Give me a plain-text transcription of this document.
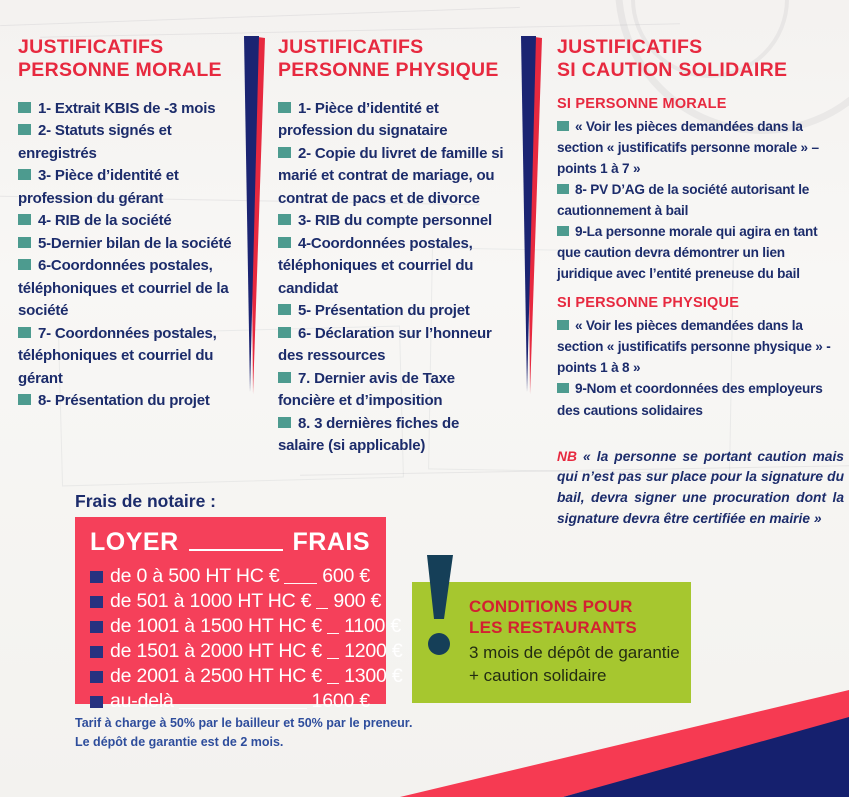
JUSTIFICATIFS
PERSONNE MORALE
1- Extrait KBIS de -3 mois
2- Statuts signés et enregistrés
3- Pièce d’identité et profession du gérant
4- RIB de la société
5-Dernier bilan de la société
6-Coordonnées postales, téléphoniques et courriel de la société
7- Coordonnées postales, téléphoniques et courriel du gérant
8- Présentation du projet
JUSTIFICATIFS
PERSONNE PHYSIQUE
1- Pièce d’identité et profession du signataire
2- Copie du livret de famille si marié et contrat de mariage, ou contrat de pacs et de divorce
3- RIB du compte personnel
4-Coordonnées postales, téléphoniques et courriel du candidat
5- Présentation du projet
6- Déclaration sur l’honneur des ressources
7. Dernier avis de Taxe foncière et d’imposition
8. 3 dernières fiches de salaire (si applicable)
JUSTIFICATIFS
SI CAUTION SOLIDAIRE
SI PERSONNE MORALE
« Voir les pièces demandées dans la section « justificatifs personne morale » – points 1 à 7 »
8- PV D’AG de la société autorisant le cautionnement à bail
9-La personne morale qui agira en tant que caution devra démontrer un lien juridique avec l’entité preneuse du bail
SI PERSONNE PHYSIQUE
« Voir les pièces demandées dans la section « justificatifs personne physique » - points 1 à 8 »
9-Nom et coordonnées des employeurs des cautions solidaires
NB « la personne se portant caution mais qui n’est pas sur place pour la signature du bail, devra signer une procuration dont la signature devra être certifiée en mairie »
Frais de notaire :
LOYER	FRAIS
de 0 à 500 HT HC € 600 €
de 501 à 1000 HT HC € 900 €
de 1001 à 1500 HT HC € 1100 €
de 1501 à 2000 HT HC € 1200 €
de 2001 à 2500 HT HC € 1300 €
au-delà	1600 €
Tarif à charge à 50% par le bailleur et 50% par le preneur.
Le dépôt de garantie est de 2 mois.
CONDITIONS POUR
LES RESTAURANTS
3 mois de dépôt de garantie
+ caution solidaire
